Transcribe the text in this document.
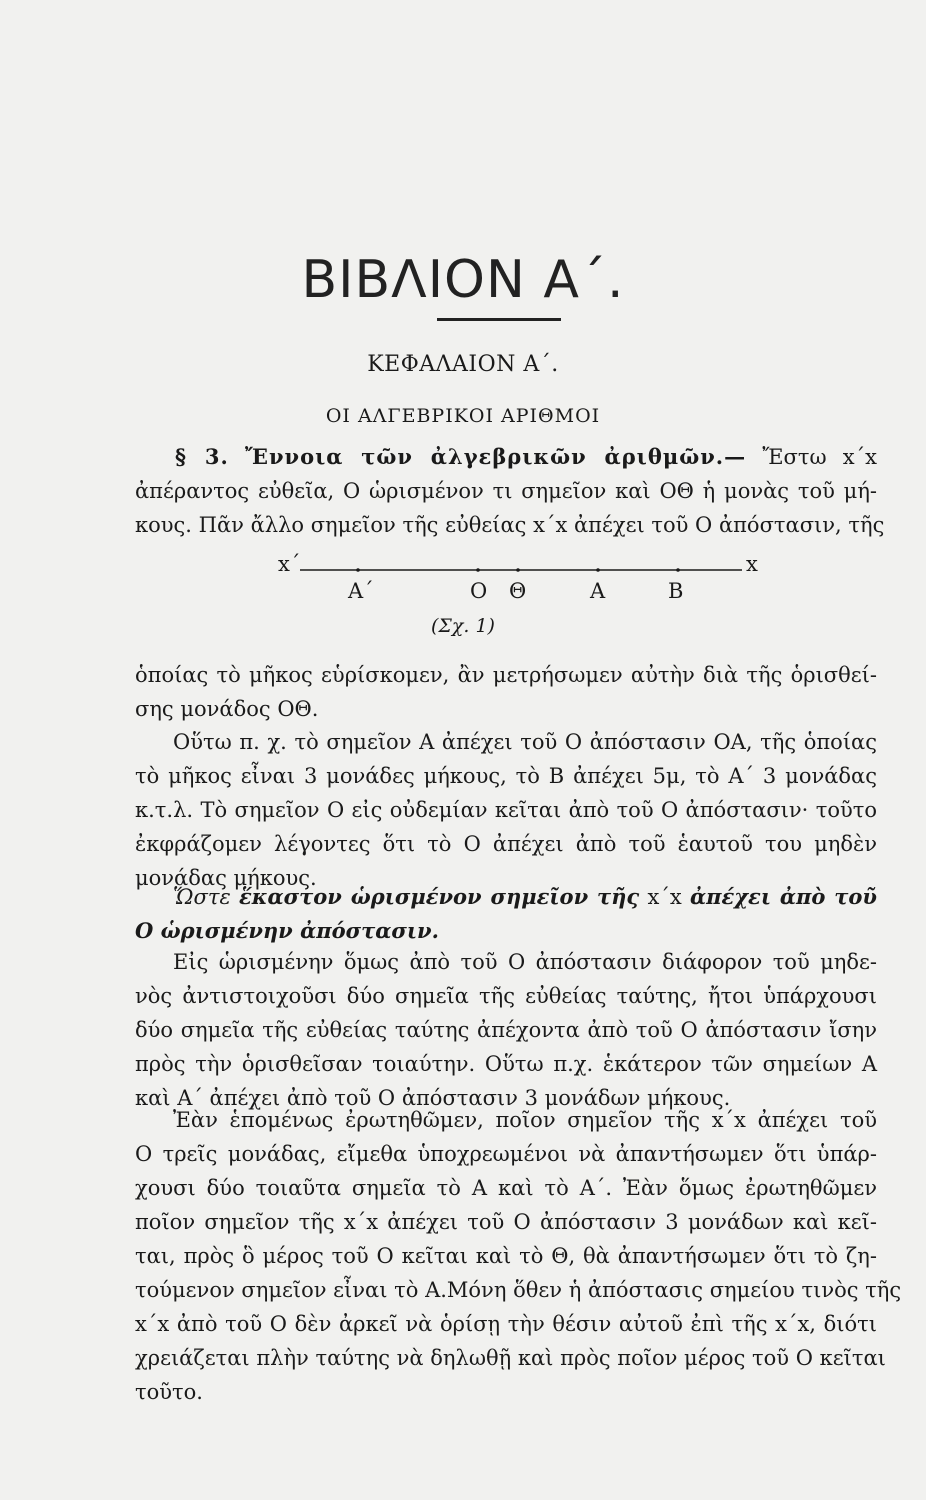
ΒΙΒΛΙΟΝ Α΄.
ΚΕΦΑΛΑΙΟΝ Α΄.
ΟΙ ΑΛΓΕΒΡΙΚΟΙ ΑΡΙΘΜΟΙ
§ 3. Ἔννοια τῶν ἀλγεβρικῶν ἀριθμῶν.— Ἔστω x΄x
ἀπέραντος εὐθεῖα, Ο ὡρισμένον τι σημεῖον καὶ ΟΘ ἡ μονὰς τοῦ μή-
κους. Πᾶν ἄλλο σημεῖον τῆς εὐθείας x΄x ἀπέχει τοῦ Ο ἀπόστασιν, τῆς
x΄	x
Α΄	Ο Θ	Α	Β
(Σχ. 1)
ὁποίας τὸ μῆκος εὑρίσκομεν, ἂν μετρήσωμεν αὐτὴν διὰ τῆς ὁρισθεί-
σης μονάδος ΟΘ.
Οὕτω π. χ. τὸ σημεῖον Α ἀπέχει τοῦ Ο ἀπόστασιν ΟΑ, τῆς ὁποίας
τὸ μῆκος εἶναι 3 μονάδες μήκους, τὸ Β ἀπέχει 5μ, τὸ Α΄ 3 μονάδας
κ.τ.λ. Τὸ σημεῖον Ο εἰς οὐδεμίαν κεῖται ἀπὸ τοῦ Ο ἀπόστασιν· τοῦτο
ἐκφράζομεν λέγοντες ὅτι τὸ Ο ἀπέχει ἀπὸ τοῦ ἑαυτοῦ του μηδὲν
μονάδας μήκους.
Ὥστε ἕκαστον ὡρισμένον σημεῖον τῆς x΄x ἀπέχει ἀπὸ τοῦ
Ο ὡρισμένην ἀπόστασιν.
Εἰς ὡρισμένην ὅμως ἀπὸ τοῦ Ο ἀπόστασιν διάφορον τοῦ μηδε-
νὸς ἀντιστοιχοῦσι δύο σημεῖα τῆς εὐθείας ταύτης, ἤτοι ὑπάρχουσι
δύο σημεῖα τῆς εὐθείας ταύτης ἀπέχοντα ἀπὸ τοῦ Ο ἀπόστασιν ἴσην
πρὸς τὴν ὁρισθεῖσαν τοιαύτην. Οὕτω π.χ. ἑκάτερον τῶν σημείων Α
καὶ Α΄ ἀπέχει ἀπὸ τοῦ Ο ἀπόστασιν 3 μονάδων μήκους.
Ἐὰν ἑπομένως ἐρωτηθῶμεν, ποῖον σημεῖον τῆς x΄x ἀπέχει τοῦ
Ο τρεῖς μονάδας, εἴμεθα ὑποχρεωμένοι νὰ ἀπαντήσωμεν ὅτι ὑπάρ-
χουσι δύο τοιαῦτα σημεῖα τὸ Α καὶ τὸ Α΄. Ἐὰν ὅμως ἐρωτηθῶμεν
ποῖον σημεῖον τῆς x΄x ἀπέχει τοῦ Ο ἀπόστασιν 3 μονάδων καὶ κεῖ-
ται, πρὸς ὃ μέρος τοῦ Ο κεῖται καὶ τὸ Θ, θὰ ἀπαντήσωμεν ὅτι τὸ ζη-
τούμενον σημεῖον εἶναι τὸ Α.Μόνη ὅθεν ἡ ἀπόστασις σημείου τινὸς τῆς
x΄x ἀπὸ τοῦ Ο δὲν ἀρκεῖ νὰ ὁρίσῃ τὴν θέσιν αὐτοῦ ἐπὶ τῆς x΄x, διότι
χρειάζεται πλὴν ταύτης νὰ δηλωθῇ καὶ πρὸς ποῖον μέρος τοῦ Ο κεῖται
τοῦτο.
